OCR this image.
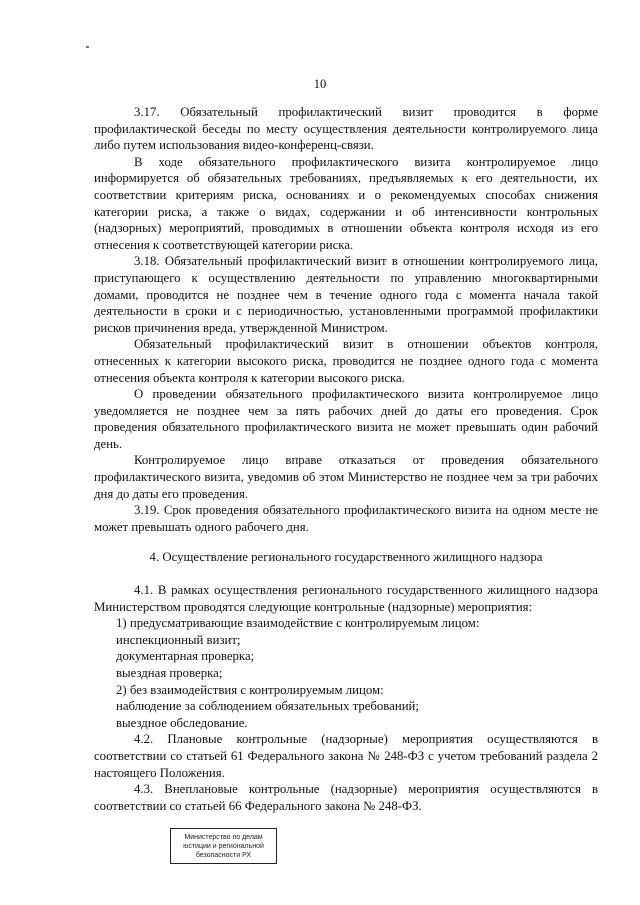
10

3.17. Обязательный профилактический визит проводится в форме профилактической беседы по месту осуществления деятельности контролируемого лица либо путем использования видео-конференц-связи.

В ходе обязательного профилактического визита контролируемое лицо информируется об обязательных требованиях, предъявляемых к его деятельности, их соответствии критериям риска, основаниях и о рекомендуемых способах снижения категории риска, а также о видах, содержании и об интенсивности контрольных (надзорных) мероприятий, проводимых в отношении объекта контроля исходя из его отнесения к соответствующей категории риска.

3.18. Обязательный профилактический визит в отношении контролируемого лица, приступающего к осуществлению деятельности по управлению многоквартирными домами, проводится не позднее чем в течение одного года с момента начала такой деятельности в сроки и с периодичностью, установленными программой профилактики рисков причинения вреда, утвержденной Министром.

Обязательный профилактический визит в отношении объектов контроля, отнесенных к категории высокого риска, проводится не позднее одного года с момента отнесения объекта контроля к категории высокого риска.

О проведении обязательного профилактического визита контролируемое лицо уведомляется не позднее чем за пять рабочих дней до даты его проведения. Срок проведения обязательного профилактического визита не может превышать один рабочий день.

Контролируемое лицо вправе отказаться от проведения обязательного профилактического визита, уведомив об этом Министерство не позднее чем за три рабочих дня до даты его проведения.

3.19. Срок проведения обязательного профилактического визита на одном месте не может превышать одного рабочего дня.

4. Осуществление регионального государственного жилищного надзора

4.1. В рамках осуществления регионального государственного жилищного надзора Министерством проводятся следующие контрольные (надзорные) мероприятия:

1) предусматривающие взаимодействие с контролируемым лицом:

инспекционный визит;

документарная проверка;

выездная проверка;

2) без взаимодействия с контролируемым лицом:

наблюдение за соблюдением обязательных требований;

выездное обследование.

4.2. Плановые контрольные (надзорные) мероприятия осуществляются в соответствии со статьей 61 Федерального закона № 248-ФЗ с учетом требований раздела 2 настоящего Положения.

4.3. Внеплановые контрольные (надзорные) мероприятия осуществляются в соответствии со статьей 66 Федерального закона № 248-ФЗ.

Министерство по делам
юстиции и региональной
безопасности РХ
